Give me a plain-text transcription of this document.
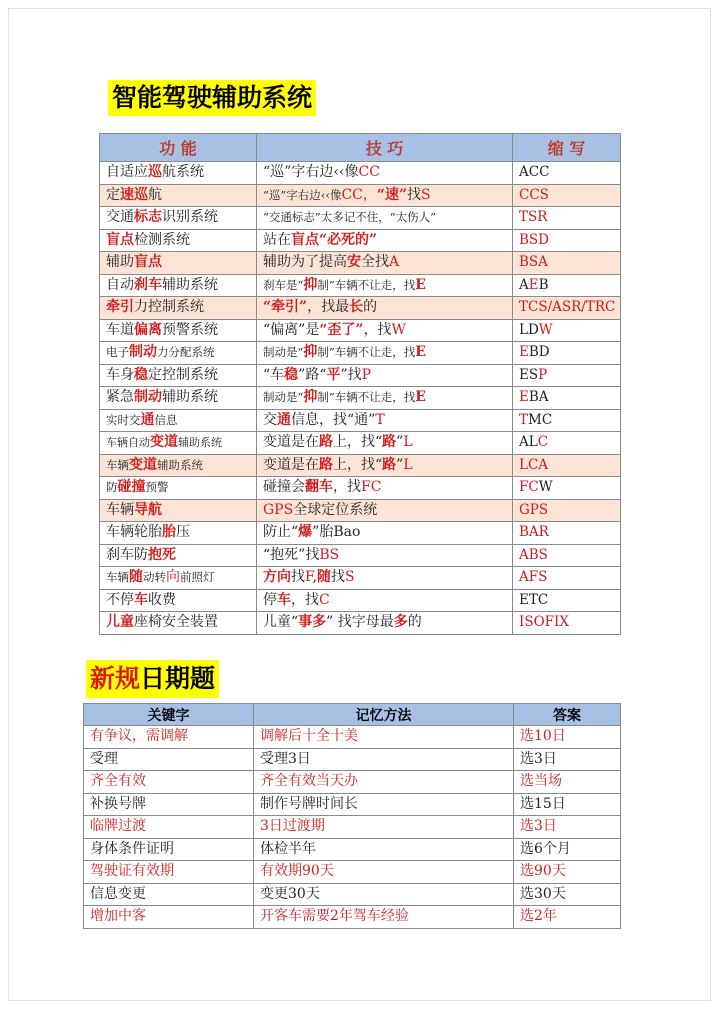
智能驾驶辅助系统
功 能	技 巧	缩 写
自适应巡航系统	“巡”字右边‹‹像CC	ACC
定速巡航	“巡”字右边‹‹像CC，“速”找S	CCS
交通标志识别系统	“交通标志”太多记不住，“太伤人”	TSR
盲点检测系统	站在盲点“必死的”	BSD
辅助盲点	辅助为了提高安全找A	BSA
自动刹车辅助系统	刹车是“抑制”车辆不让走，找E	AEB
牵引力控制系统	“牵引”，找最长的	TCS/ASR/TRC
车道偏离预警系统	“偏离”是“歪了”，找W	LDW
电子制动力分配系统	制动是“抑制”车辆不让走，找E	EBD
车身稳定控制系统	“车稳”路“平”找P	ESP
紧急制动辅助系统	制动是“抑制”车辆不让走，找E	EBA
实时交通信息	交通信息，找“通”T	TMC
车辆自动变道辅助系统	变道是在路上，找“路”L	ALC
车辆变道辅助系统	变道是在路上，找“路”L	LCA
防碰撞预警	碰撞会翻车，找FC	FCW
车辆导航	GPS全球定位系统	GPS
车辆轮胎胎压	防止“爆”胎Bao	BAR
刹车防抱死	“抱死”找BS	ABS
车辆随动转向前照灯	方向找F,随找S	AFS
不停车收费	停车，找C	ETC
儿童座椅安全装置	儿童“事多” 找字母最多的	ISOFIX
新规日期题
关键字	记忆方法	答案
有争议，需调解	调解后十全十美	选10日
受理	受理3日	选3日
齐全有效	齐全有效当天办	选当场
补换号牌	制作号牌时间长	选15日
临牌过渡	3日过渡期	选3日
身体条件证明	体检半年	选6个月
驾驶证有效期	有效期90天	选90天
信息变更	变更30天	选30天
增加中客	开客车需要2年驾车经验	选2年
